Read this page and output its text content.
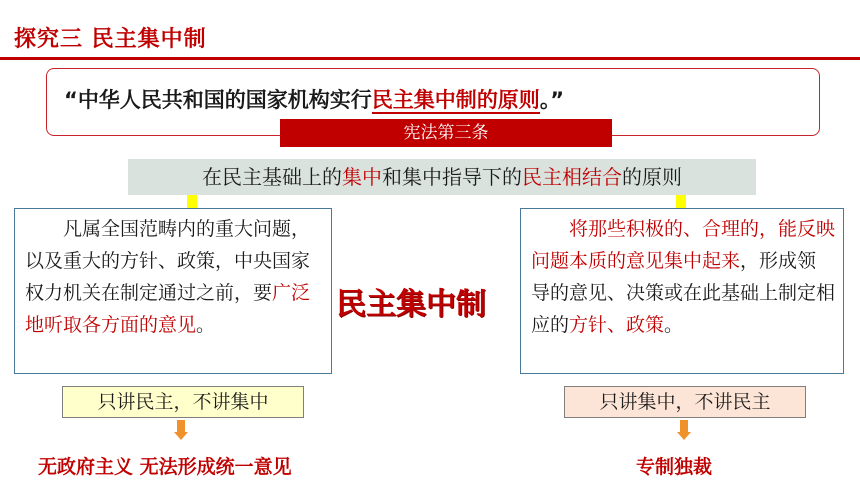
探究三 民主集中制
“中华人民共和国的国家机构实行民主集中制的原则。”
宪法第三条
在民主基础上的集中和集中指导下的民主相结合的原则
凡属全国范畴内的重大问题，以及重大的方针、政策，中央国家权力机关在制定通过之前，要广泛地听取各方面的意见。
民主集中制
将那些积极的、合理的，能反映问题本质的意见集中起来，形成领导的意见、决策或在此基础上制定相应的方针、政策。
只讲民主，不讲集中	只讲集中，不讲民主
无政府主义 无法形成统一意见	专制独裁
